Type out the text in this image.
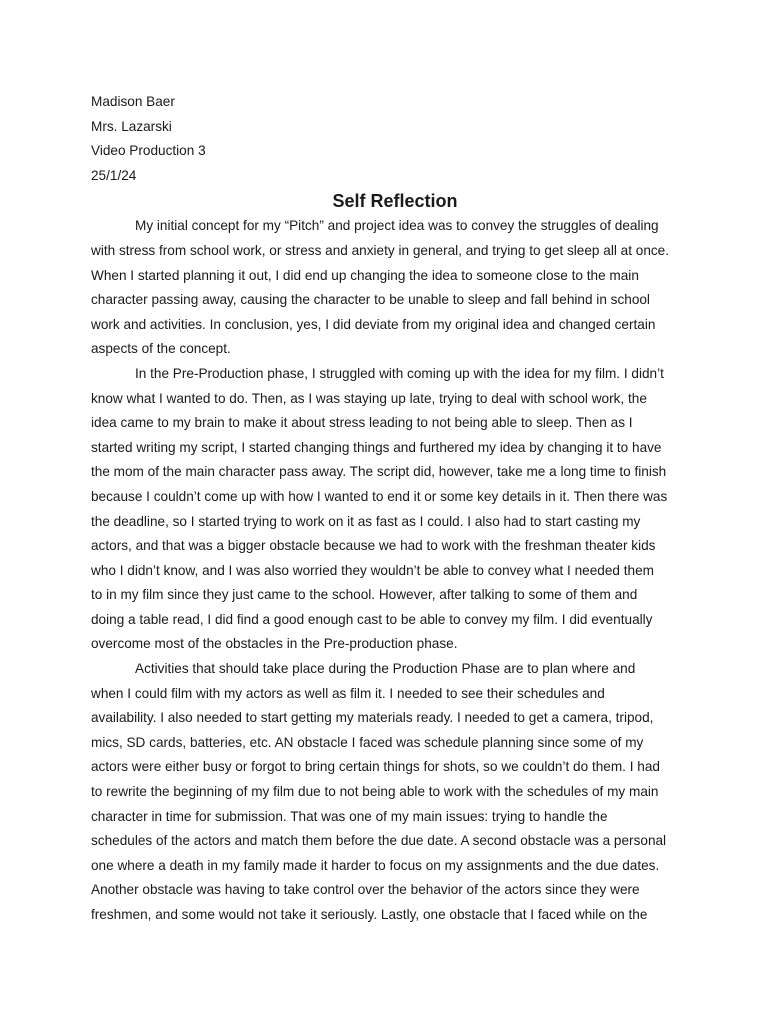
Madison Baer

Mrs. Lazarski

Video Production 3

25/1/24

Self Reflection
My initial concept for my “Pitch” and project idea was to convey the struggles of dealing
with stress from school work, or stress and anxiety in general, and trying to get sleep all at once.
When I started planning it out, I did end up changing the idea to someone close to the main
character passing away, causing the character to be unable to sleep and fall behind in school
work and activities. In conclusion, yes, I did deviate from my original idea and changed certain
aspects of the concept.
In the Pre-Production phase, I struggled with coming up with the idea for my film. I didn’t
know what I wanted to do. Then, as I was staying up late, trying to deal with school work, the
idea came to my brain to make it about stress leading to not being able to sleep. Then as I
started writing my script, I started changing things and furthered my idea by changing it to have
the mom of the main character pass away. The script did, however, take me a long time to finish
because I couldn’t come up with how I wanted to end it or some key details in it. Then there was
the deadline, so I started trying to work on it as fast as I could. I also had to start casting my
actors, and that was a bigger obstacle because we had to work with the freshman theater kids
who I didn’t know, and I was also worried they wouldn’t be able to convey what I needed them
to in my film since they just came to the school. However, after talking to some of them and
doing a table read, I did find a good enough cast to be able to convey my film. I did eventually
overcome most of the obstacles in the Pre-production phase.
Activities that should take place during the Production Phase are to plan where and
when I could film with my actors as well as film it. I needed to see their schedules and
availability. I also needed to start getting my materials ready. I needed to get a camera, tripod,
mics, SD cards, batteries, etc. AN obstacle I faced was schedule planning since some of my
actors were either busy or forgot to bring certain things for shots, so we couldn’t do them. I had
to rewrite the beginning of my film due to not being able to work with the schedules of my main
character in time for submission. That was one of my main issues: trying to handle the
schedules of the actors and match them before the due date. A second obstacle was a personal
one where a death in my family made it harder to focus on my assignments and the due dates.
Another obstacle was having to take control over the behavior of the actors since they were
freshmen, and some would not take it seriously. Lastly, one obstacle that I faced while on the
